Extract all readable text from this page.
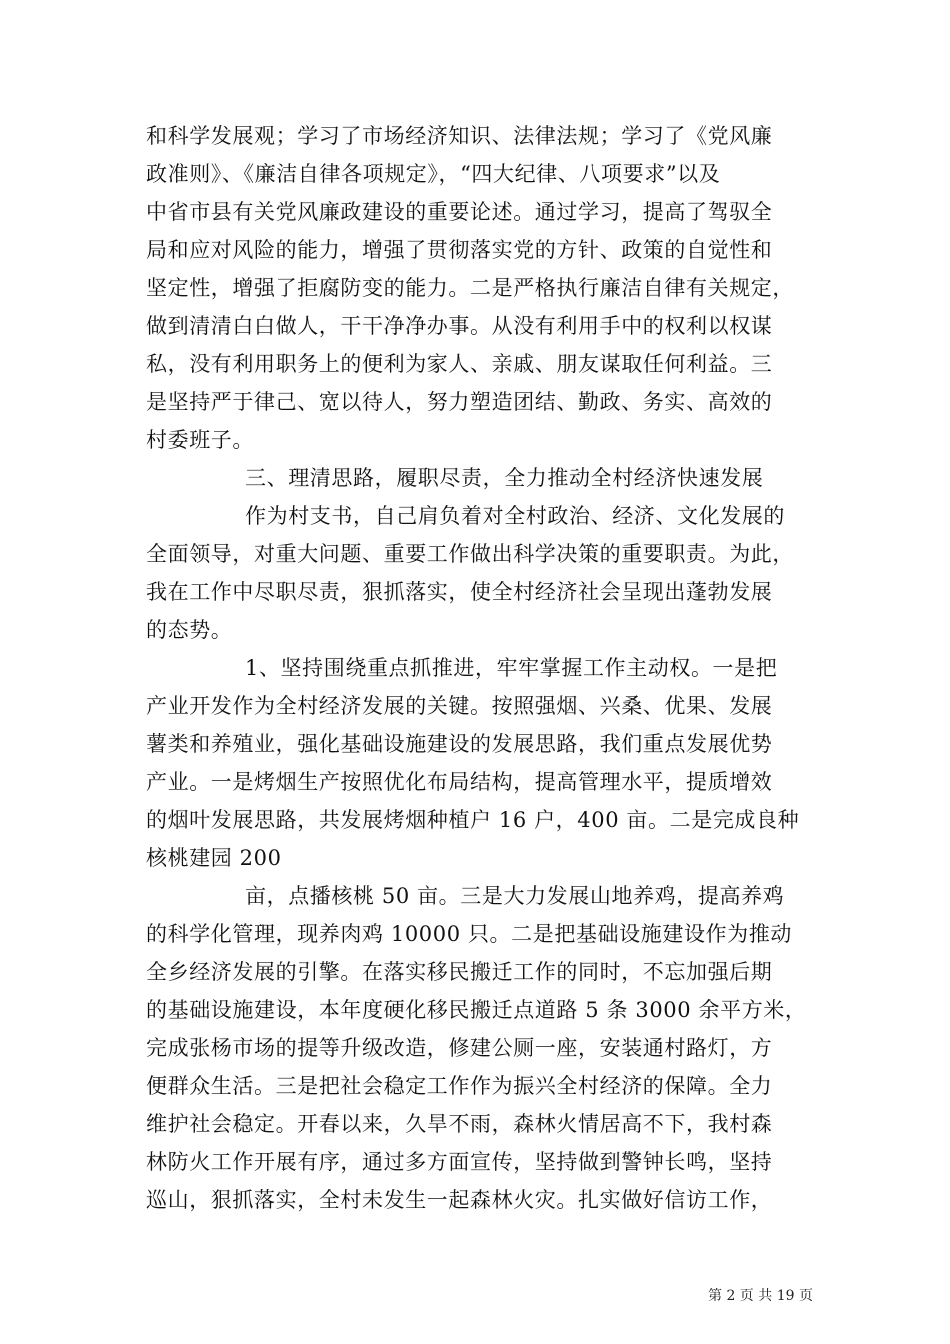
和科学发展观；学习了市场经济知识、法律法规；学习了《党风廉
政准则》、《廉洁自律各项规定》，“四大纪律、八项要求”以及
中省市县有关党风廉政建设的重要论述。通过学习，提高了驾驭全
局和应对风险的能力，增强了贯彻落实党的方针、政策的自觉性和
坚定性，增强了拒腐防变的能力。二是严格执行廉洁自律有关规定，
做到清清白白做人，干干净净办事。从没有利用手中的权利以权谋
私，没有利用职务上的便利为家人、亲戚、朋友谋取任何利益。三
是坚持严于律己、宽以待人，努力塑造团结、勤政、务实、高效的
村委班子。
三、理清思路，履职尽责，全力推动全村经济快速发展
作为村支书，自己肩负着对全村政治、经济、文化发展的
全面领导，对重大问题、重要工作做出科学决策的重要职责。为此，
我在工作中尽职尽责，狠抓落实，使全村经济社会呈现出蓬勃发展
的态势。
1、坚持围绕重点抓推进，牢牢掌握工作主动权。一是把
产业开发作为全村经济发展的关键。按照强烟、兴桑、优果、发展
薯类和养殖业，强化基础设施建设的发展思路，我们重点发展优势
产业。一是烤烟生产按照优化布局结构，提高管理水平，提质增效
的烟叶发展思路，共发展烤烟种植户 16 户，400 亩。二是完成良种
核桃建园 200
亩，点播核桃 50 亩。三是大力发展山地养鸡，提高养鸡
的科学化管理，现养肉鸡 10000 只。二是把基础设施建设作为推动
全乡经济发展的引擎。在落实移民搬迁工作的同时，不忘加强后期
的基础设施建设，本年度硬化移民搬迁点道路 5 条 3000 余平方米，
完成张杨市场的提等升级改造，修建公厕一座，安装通村路灯，方
便群众生活。三是把社会稳定工作作为振兴全村经济的保障。全力
维护社会稳定。开春以来，久旱不雨，森林火情居高不下，我村森
林防火工作开展有序，通过多方面宣传，坚持做到警钟长鸣，坚持
巡山，狠抓落实，全村未发生一起森林火灾。扎实做好信访工作，
第 2 页 共 19 页
